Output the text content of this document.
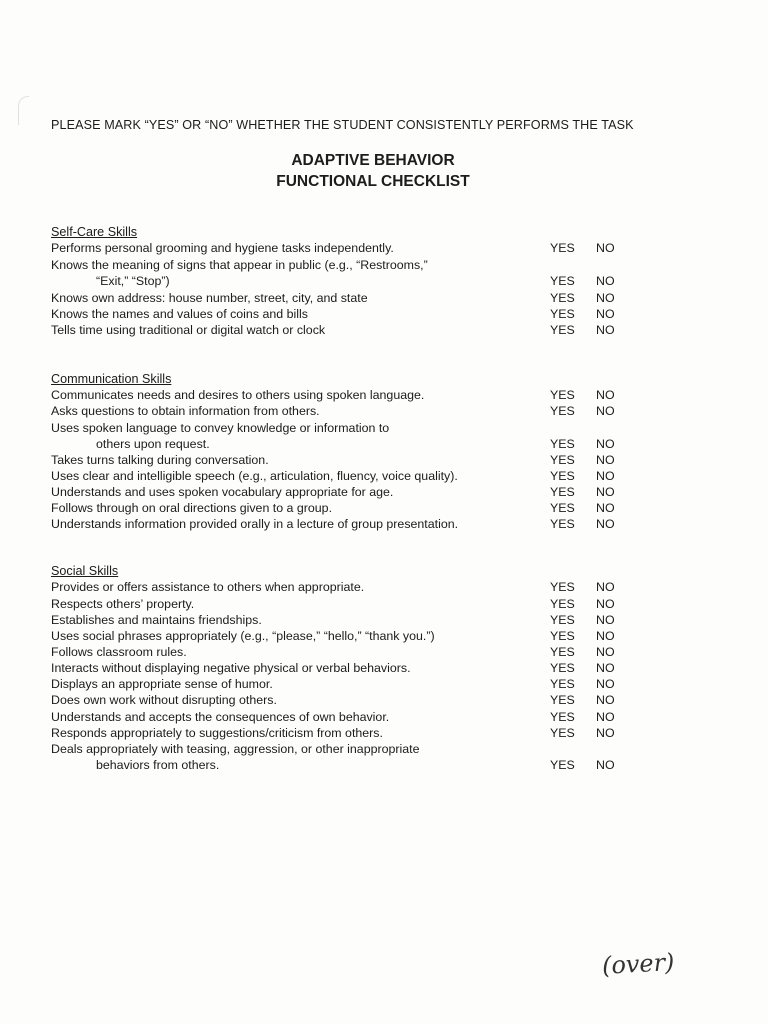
PLEASE MARK “YES” OR “NO” WHETHER THE STUDENT CONSISTENTLY PERFORMS THE TASK
ADAPTIVE BEHAVIOR
FUNCTIONAL CHECKLIST
Self-Care Skills
Performs personal grooming and hygiene tasks independently.	YES NO
Knows the meaning of signs that appear in public (e.g., “Restrooms,”
“Exit,” “Stop”)	YES NO
Knows own address: house number, street, city, and state	YES NO
Knows the names and values of coins and bills	YES NO
Tells time using traditional or digital watch or clock	YES NO
Communication Skills
Communicates needs and desires to others using spoken language.	YES NO
Asks questions to obtain information from others.	YES NO
Uses spoken language to convey knowledge or information to
others upon request.	YES NO
Takes turns talking during conversation.	YES NO
Uses clear and intelligible speech (e.g., articulation, fluency, voice quality).	YES NO
Understands and uses spoken vocabulary appropriate for age.	YES NO
Follows through on oral directions given to a group.	YES NO
Understands information provided orally in a lecture of group presentation.	YES NO
Social Skills
Provides or offers assistance to others when appropriate.	YES NO
Respects others’ property.	YES NO
Establishes and maintains friendships.	YES NO
Uses social phrases appropriately (e.g., “please,” “hello,” “thank you.”)	YES NO
Follows classroom rules.	YES NO
Interacts without displaying negative physical or verbal behaviors.	YES NO
Displays an appropriate sense of humor.	YES NO
Does own work without disrupting others.	YES NO
Understands and accepts the consequences of own behavior.	YES NO
Responds appropriately to suggestions/criticism from others.	YES NO
Deals appropriately with teasing, aggression, or other inappropriate
behaviors from others.	YES NO
(over)
